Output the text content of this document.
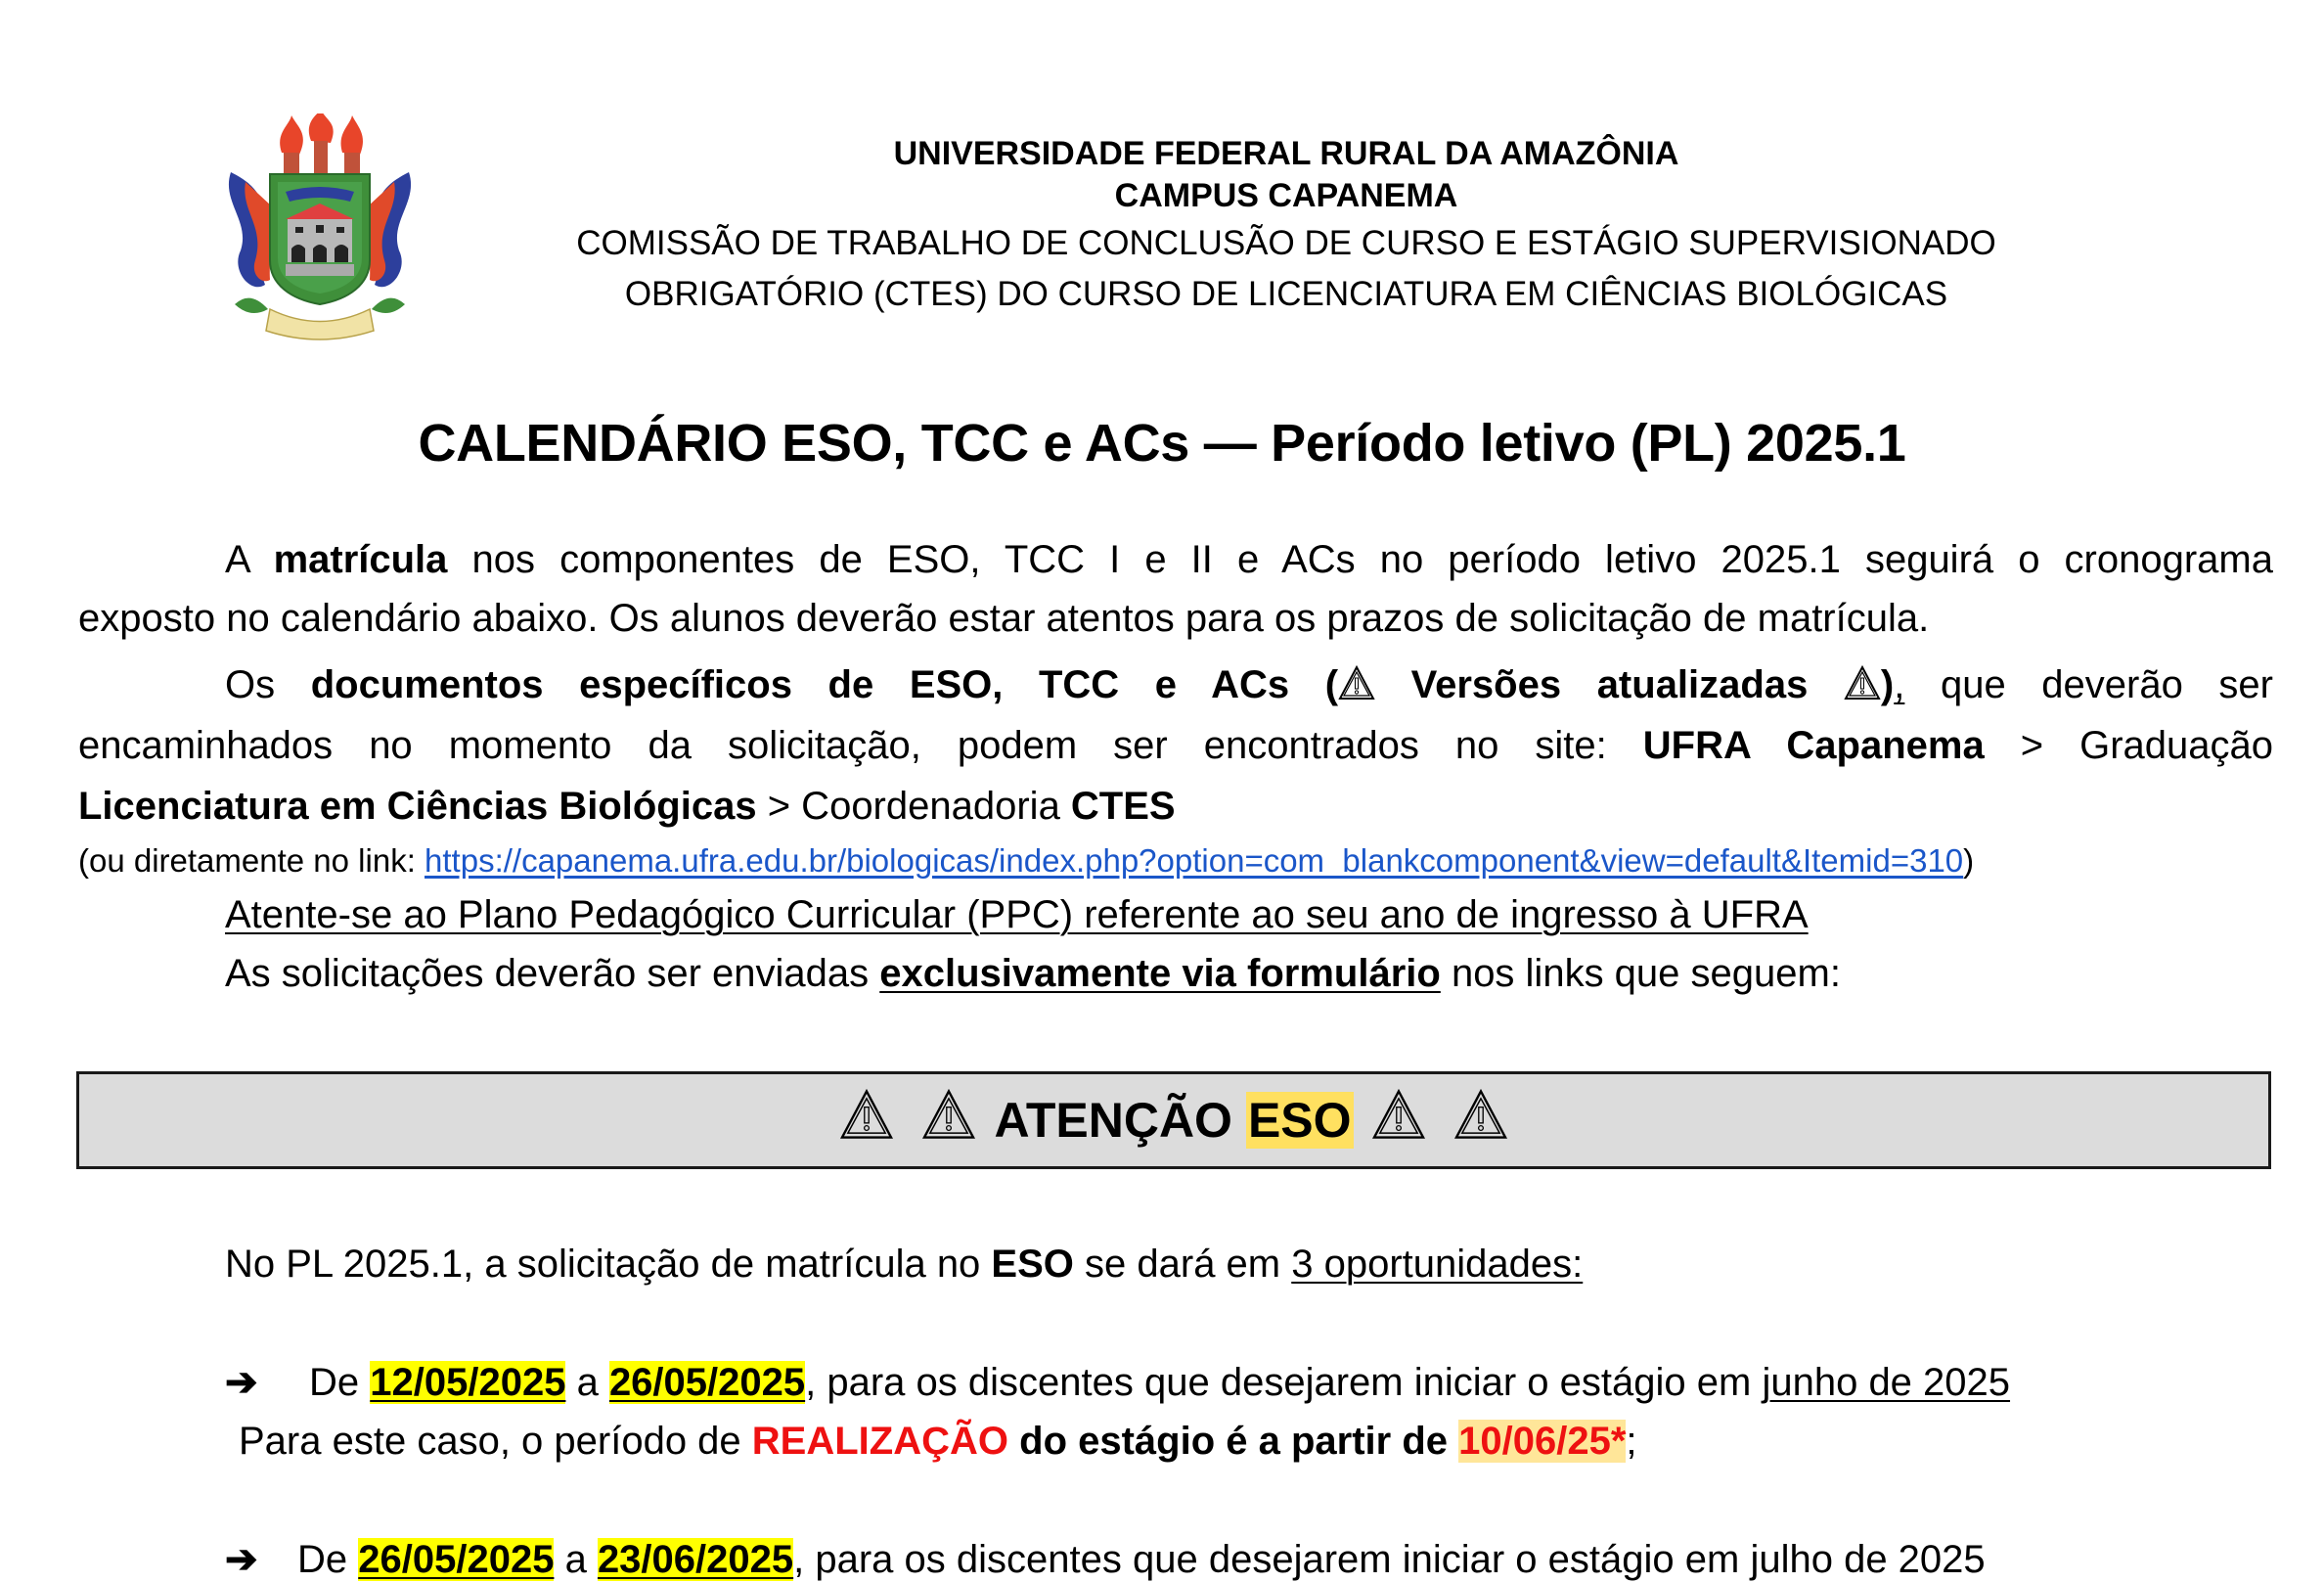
UNIVERSIDADE FEDERAL RURAL DA AMAZÔNIA
CAMPUS CAPANEMA
COMISSÃO DE TRABALHO DE CONCLUSÃO DE CURSO E ESTÁGIO SUPERVISIONADO
OBRIGATÓRIO (CTES) DO CURSO DE LICENCIATURA EM CIÊNCIAS BIOLÓGICAS
CALENDÁRIO ESO, TCC e ACs — Período letivo (PL) 2025.1
A matrícula nos componentes de ESO, TCC I e II e ACs no período letivo 2025.1 seguirá o cronograma
exposto no calendário abaixo. Os alunos deverão estar atentos para os prazos de solicitação de matrícula.
Os documentos específicos de ESO, TCC e ACs ( Versões atualizadas ), que deverão ser
encaminhados no momento da solicitação, podem ser encontrados no site: UFRA Capanema > Graduação
Licenciatura em Ciências Biológicas > Coordenadoria CTES
(ou diretamente no link: https://capanema.ufra.edu.br/biologicas/index.php?option=com_blankcomponent&view=default&Itemid=310)
Atente-se ao Plano Pedagógico Curricular (PPC) referente ao seu ano de ingresso à UFRA
As solicitações deverão ser enviadas exclusivamente via formulário nos links que seguem:
ATENÇÃO ESO
No PL 2025.1, a solicitação de matrícula no ESO se dará em 3 oportunidades:
➔ De 12/05/2025 a 26/05/2025, para os discentes que desejarem iniciar o estágio em junho de 2025
Para este caso, o período de REALIZAÇÃO do estágio é a partir de 10/06/25*;
➔ De 26/05/2025 a 23/06/2025, para os discentes que desejarem iniciar o estágio em julho de 2025
